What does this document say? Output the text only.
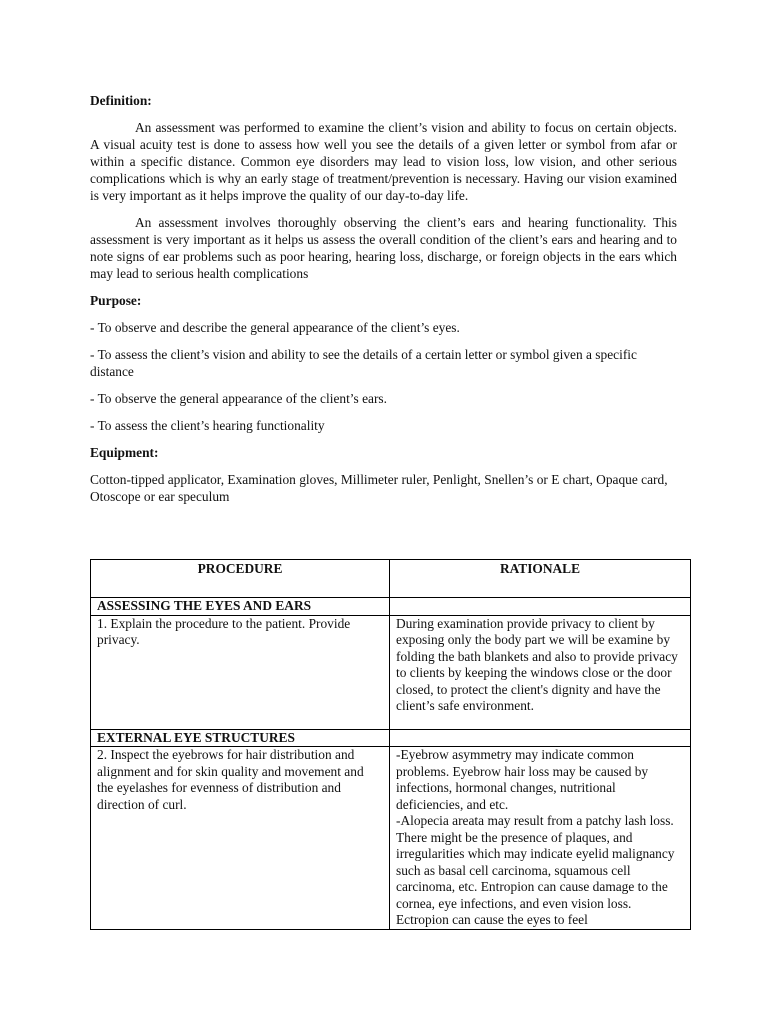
Definition:

An assessment was performed to examine the client’s vision and ability to focus on certain objects. A visual acuity test is done to assess how well you see the details of a given letter or symbol from afar or within a specific distance. Common eye disorders may lead to vision loss, low vision, and other serious complications which is why an early stage of treatment/prevention is necessary. Having our vision examined is very important as it helps improve the quality of our day-to-day life.

An assessment involves thoroughly observing the client’s ears and hearing functionality. This assessment is very important as it helps us assess the overall condition of the client’s ears and hearing and to note signs of ear problems such as poor hearing, hearing loss, discharge, or foreign objects in the ears which may lead to serious health complications

Purpose:

- To observe and describe the general appearance of the client’s eyes.

- To assess the client’s vision and ability to see the details of a certain letter or symbol given a specific distance

- To observe the general appearance of the client’s ears.

- To assess the client’s hearing functionality

Equipment:

Cotton-tipped applicator, Examination gloves, Millimeter ruler, Penlight, Snellen’s or E chart, Opaque card, Otoscope or ear speculum

PROCEDURE	RATIONALE
ASSESSING THE EYES AND EARS	
1. Explain the procedure to the patient. Provide privacy.	During examination provide privacy to client by exposing only the body part we will be examine by folding the bath blankets and also to provide privacy to clients by keeping the windows close or the door closed, to protect the client's dignity and have the client’s safe environment.
EXTERNAL EYE STRUCTURES	
2. Inspect the eyebrows for hair distribution and alignment and for skin quality and movement and the eyelashes for evenness of distribution and direction of curl.	-Eyebrow asymmetry may indicate common problems. Eyebrow hair loss may be caused by infections, hormonal changes, nutritional deficiencies, and etc.
-Alopecia areata may result from a patchy lash loss. There might be the presence of plaques, and irregularities which may indicate eyelid malignancy such as basal cell carcinoma, squamous cell carcinoma, etc. Entropion can cause damage to the cornea, eye infections, and even vision loss. Ectropion can cause the eyes to feel
